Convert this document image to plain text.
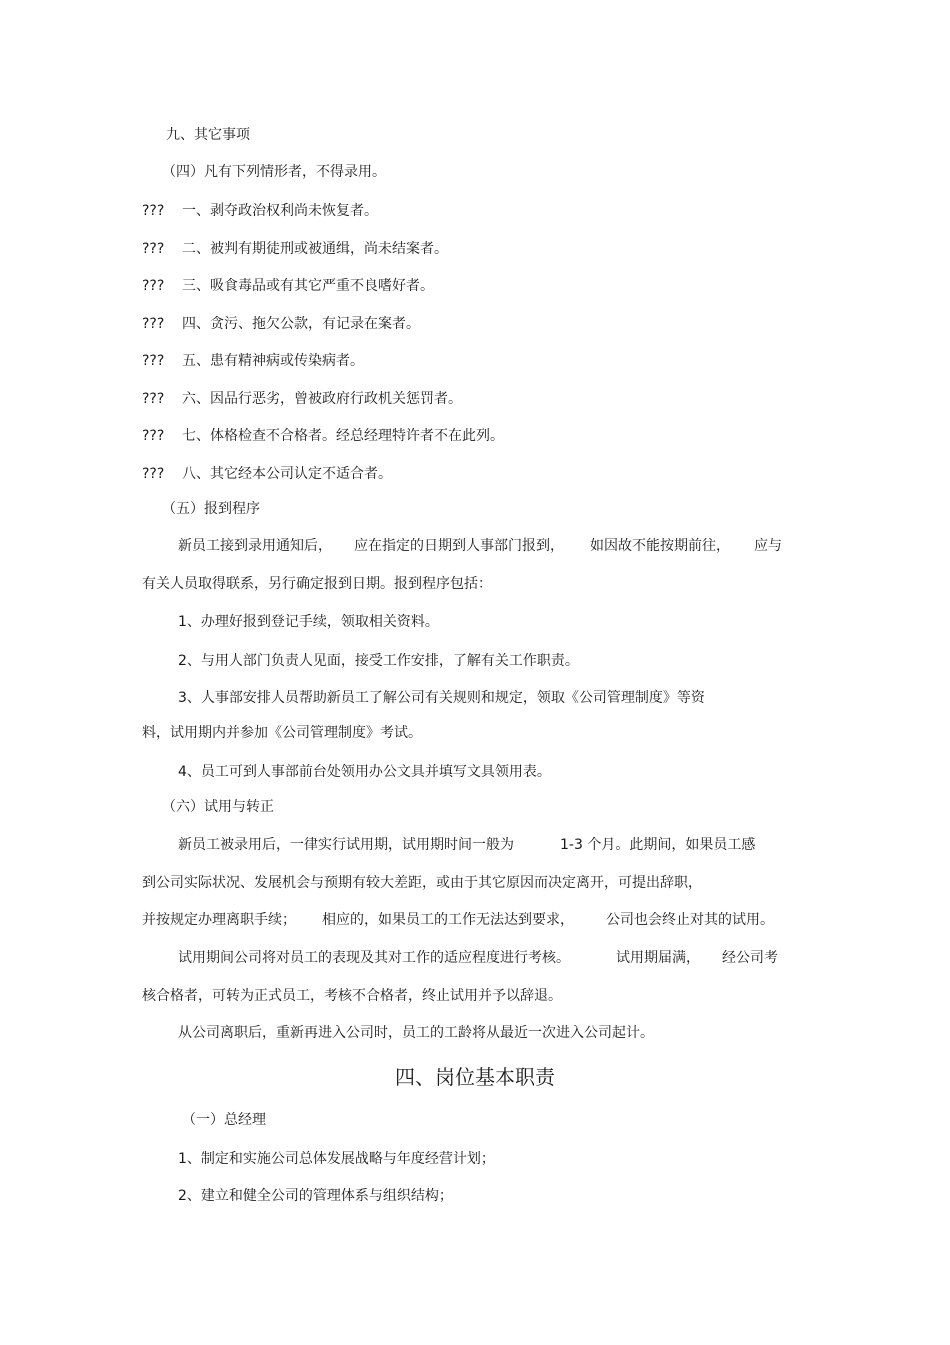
九、其它事项
（四）凡有下列情形者，不得录用。
??? 一、剥夺政治权利尚未恢复者。
??? 二、被判有期徒刑或被通缉，尚未结案者。
??? 三、吸食毒品或有其它严重不良嗜好者。
??? 四、贪污、拖欠公款，有记录在案者。
??? 五、患有精神病或传染病者。
??? 六、因品行恶劣，曾被政府行政机关惩罚者。
??? 七、体格检查不合格者。经总经理特许者不在此列。
??? 八、其它经本公司认定不适合者。
（五）报到程序
新员工接到录用通知后， 应在指定的日期到人事部门报到， 如因故不能按期前往， 应与
有关人员取得联系，另行确定报到日期。报到程序包括：
1、办理好报到登记手续，领取相关资料。
2、与用人部门负责人见面，接受工作安排，了解有关工作职责。
3、人事部安排人员帮助新员工了解公司有关规则和规定，领取《公司管理制度》等资
料，试用期内并参加《公司管理制度》考试。
4、员工可到人事部前台处领用办公文具并填写文具领用表。
（六）试用与转正
新员工被录用后，一律实行试用期，试用期时间一般为	1-3 个月。此期间，如果员工感
到公司实际状况、发展机会与预期有较大差距，或由于其它原因而决定离开，可提出辞职，
并按规定办理离职手续； 相应的，如果员工的工作无法达到要求， 公司也会终止对其的试用。
试用期间公司将对员工的表现及其对工作的适应程度进行考核。	试用期届满， 经公司考
核合格者，可转为正式员工，考核不合格者，终止试用并予以辞退。
从公司离职后，重新再进入公司时，员工的工龄将从最近一次进入公司起计。
四、岗位基本职责
（一）总经理
1、制定和实施公司总体发展战略与年度经营计划；
2、建立和健全公司的管理体系与组织结构；
